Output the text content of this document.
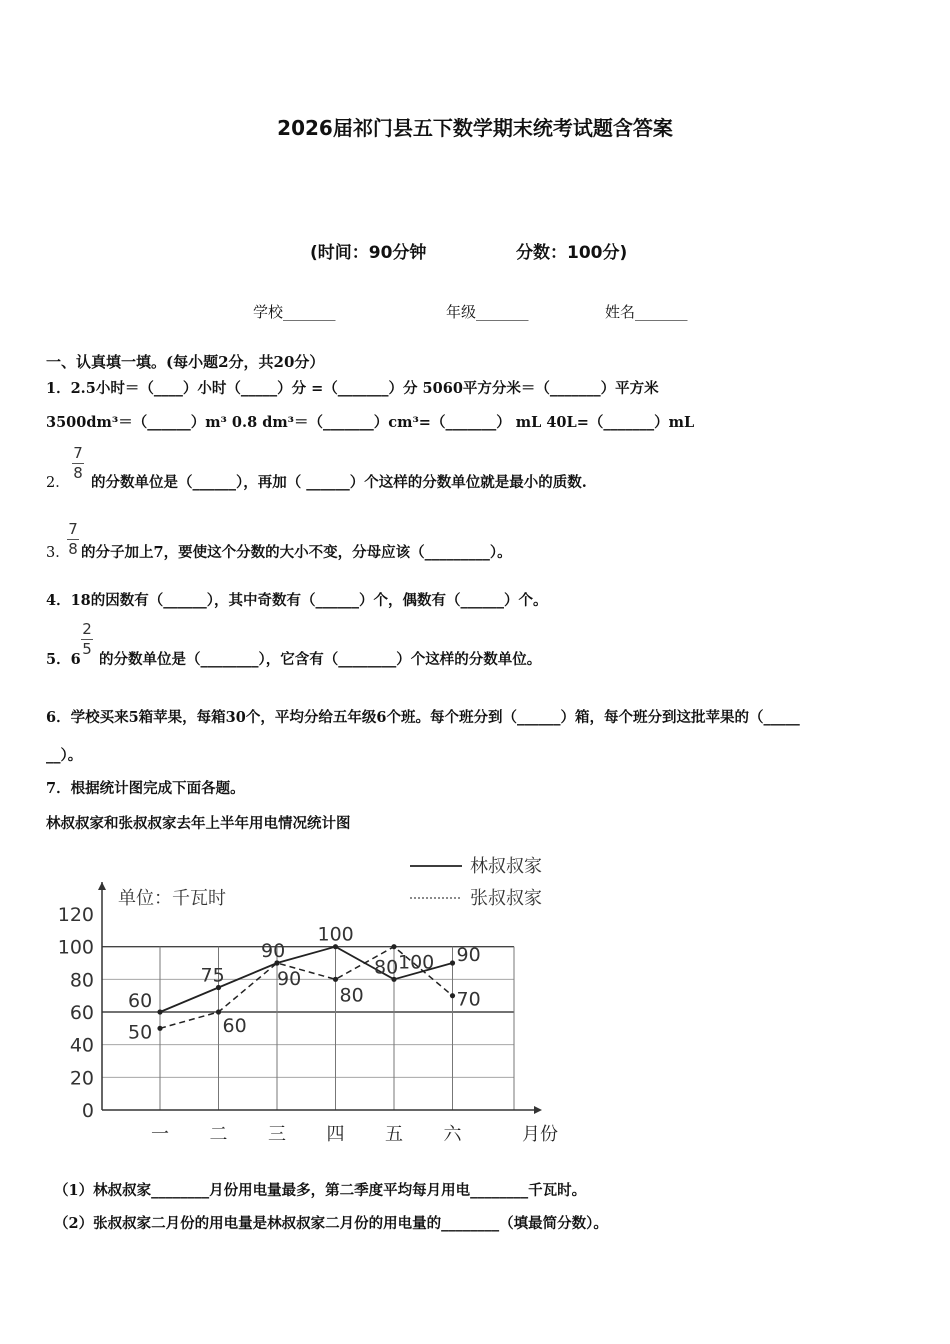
2026届祁门县五下数学期末统考试题含答案
(时间：90分钟	分数：100分)
学校_______	年级_______	姓名_______
一、认真填一填。(每小题2分，共20分）
1．2.5小时＝（____）小时（_____）分 =（_______）分 5060平方分米＝（_______）平方米
3500dm³＝（______）m³ 0.8 dm³＝（_______）cm³=（_______） mL 40L=（_______）mL
2．
7
8
的分数单位是（______），再加（ ______）个这样的分数单位就是最小的质数.
3．
7
8 的分子加上7，要使这个分数的大小不变，分母应该（_________）。
4．18的因数有（______），其中奇数有（______）个，偶数有（______）个。
5．6
2
5
的分数单位是（________），它含有（________）个这样的分数单位。
6．学校买来5箱苹果，每箱30个，平均分给五年级6个班。每个班分到（______）箱，每个班分到这批苹果的（_____
__）。
7．根据统计图完成下面各题。
林叔叔家和张叔叔家去年上半年用电情况统计图
0
20
40
60
80
100
120
单位：千瓦时
一 二 三 四 五 六	月份
60
75
90
100
80
90
50	60
90
80
100
70
林叔叔家
张叔叔家
（1）林叔叔家________月份用电量最多，第二季度平均每月用电________千瓦时。
（2）张叔叔家二月份的用电量是林叔叔家二月份的用电量的________（填最简分数）。
